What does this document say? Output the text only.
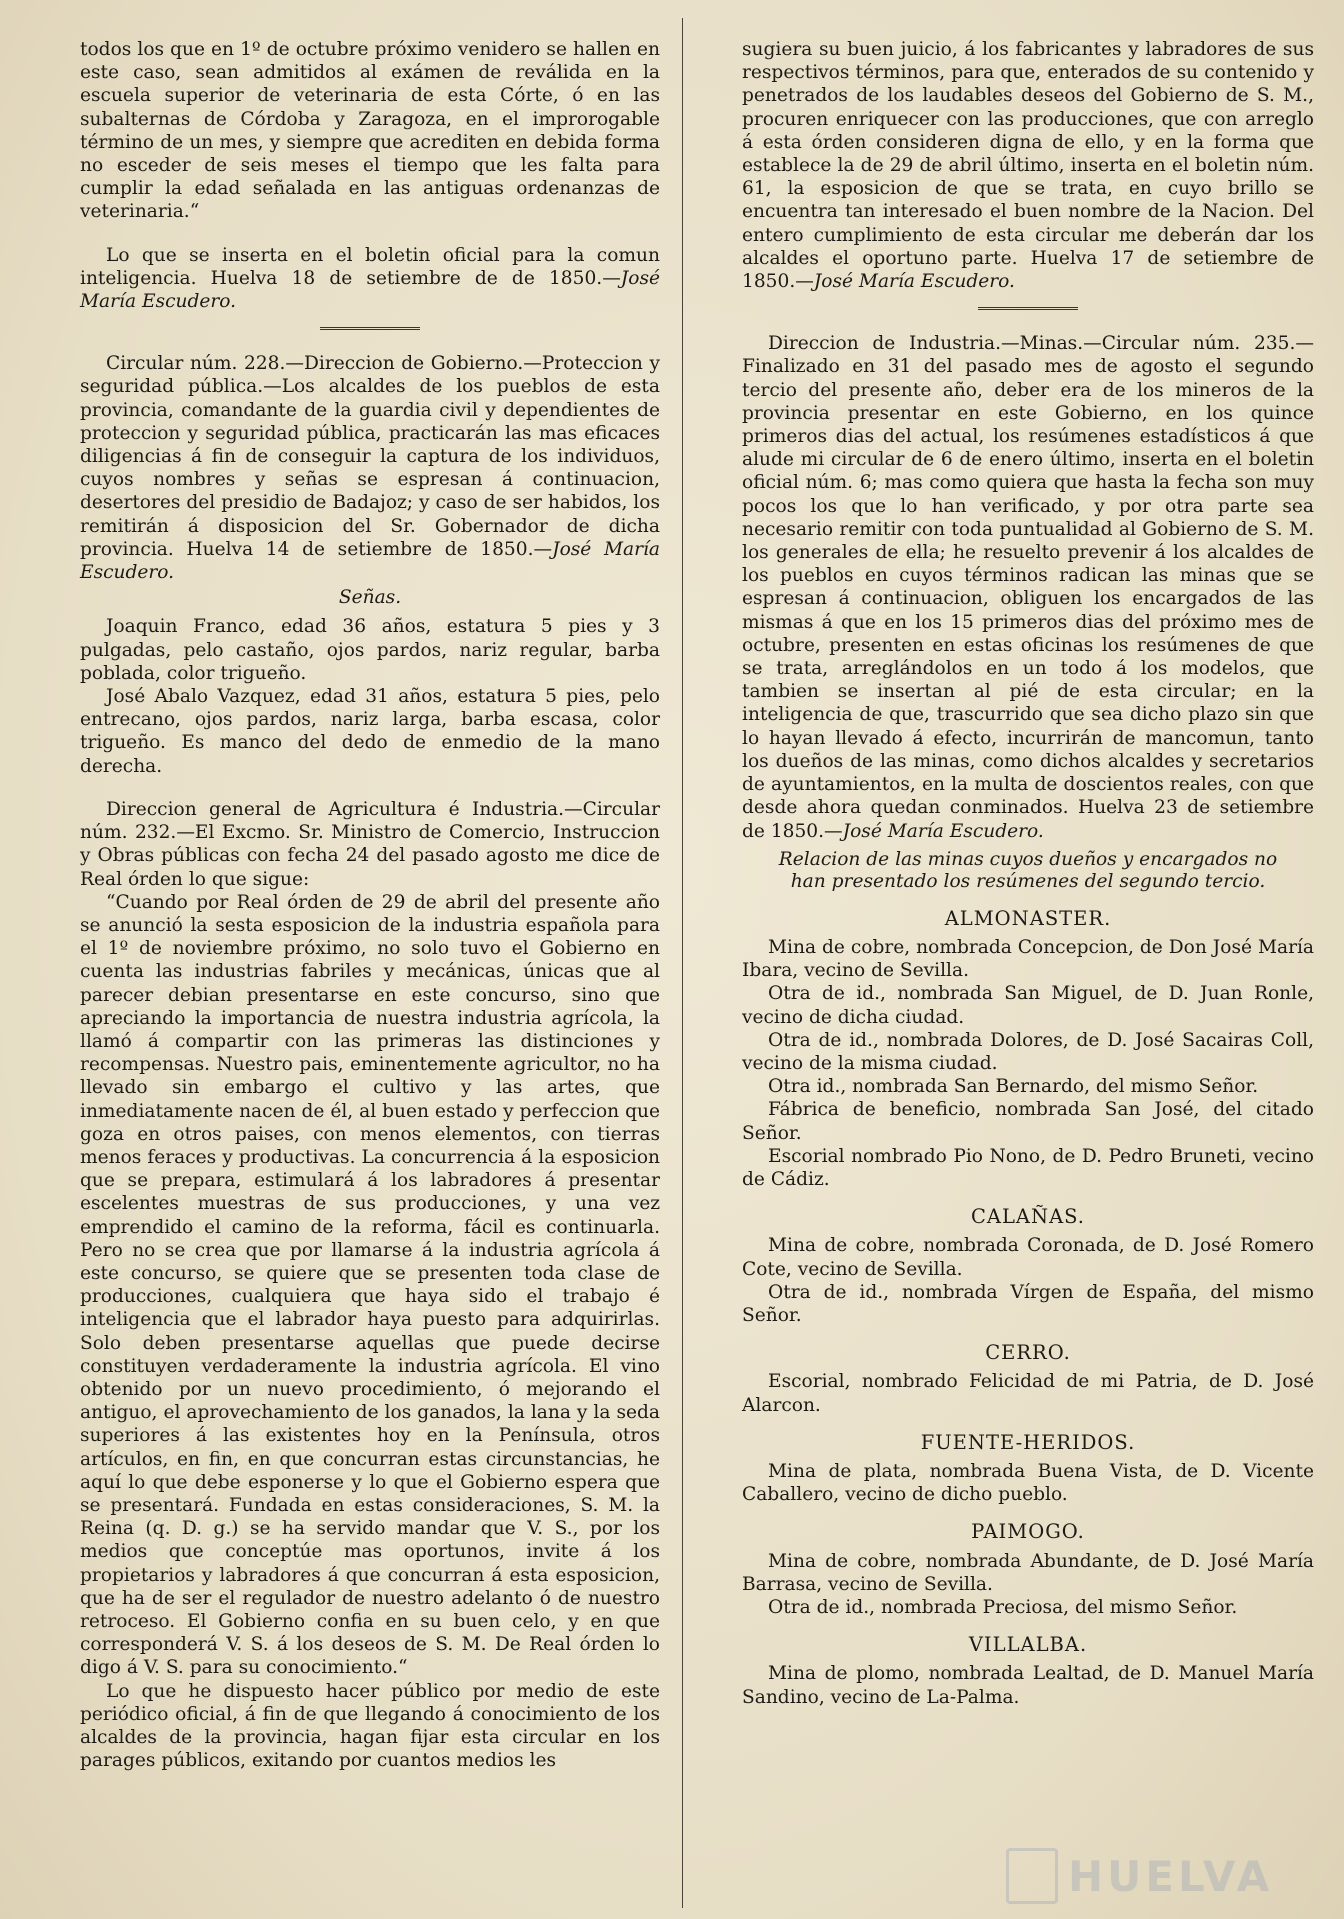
todos los que en 1º de octubre próximo venidero se hallen en este caso, sean admitidos al exámen de reválida en la escuela superior de veterinaria de esta Córte, ó en las subalternas de Córdoba y Zaragoza, en el improrogable término de un mes, y siempre que acrediten en debida forma no esceder de seis meses el tiempo que les falta para cumplir la edad señalada en las antiguas ordenanzas de veterinaria.“

Lo que se inserta en el boletin oficial para la comun inteligencia. Huelva 18 de setiembre de de 1850.—José María Escudero.

Circular núm. 228.—Direccion de Gobierno.—Proteccion y seguridad pública.—Los alcaldes de los pueblos de esta provincia, comandante de la guardia civil y dependientes de proteccion y seguridad pública, practicarán las mas eficaces diligencias á fin de conseguir la captura de los individuos, cuyos nombres y señas se espresan á continuacion, desertores del presidio de Badajoz; y caso de ser habidos, los remitirán á disposicion del Sr. Gobernador de dicha provincia. Huelva 14 de setiembre de 1850.—José María Escudero.

Señas.

Joaquin Franco, edad 36 años, estatura 5 pies y 3 pulgadas, pelo castaño, ojos pardos, nariz regular, barba poblada, color trigueño.

José Abalo Vazquez, edad 31 años, estatura 5 pies, pelo entrecano, ojos pardos, nariz larga, barba escasa, color trigueño. Es manco del dedo de enmedio de la mano derecha.

Direccion general de Agricultura é Industria.—Circular núm. 232.—El Excmo. Sr. Ministro de Comercio, Instruccion y Obras públicas con fecha 24 del pasado agosto me dice de Real órden lo que sigue:

“Cuando por Real órden de 29 de abril del presente año se anunció la sesta esposicion de la industria española para el 1º de noviembre próximo, no solo tuvo el Gobierno en cuenta las industrias fabriles y mecánicas, únicas que al parecer debian presentarse en este concurso, sino que apreciando la importancia de nuestra industria agrícola, la llamó á compartir con las primeras las distinciones y recompensas. Nuestro pais, eminentemente agricultor, no ha llevado sin embargo el cultivo y las artes, que inmediatamente nacen de él, al buen estado y perfeccion que goza en otros paises, con menos elementos, con tierras menos feraces y productivas. La concurrencia á la esposicion que se prepara, estimulará á los labradores á presentar escelentes muestras de sus producciones, y una vez emprendido el camino de la reforma, fácil es continuarla. Pero no se crea que por llamarse á la industria agrícola á este concurso, se quiere que se presenten toda clase de producciones, cualquiera que haya sido el trabajo é inteligencia que el labrador haya puesto para adquirirlas. Solo deben presentarse aquellas que puede decirse constituyen verdaderamente la industria agrícola. El vino obtenido por un nuevo procedimiento, ó mejorando el antiguo, el aprovechamiento de los ganados, la lana y la seda superiores á las existentes hoy en la Península, otros artículos, en fin, en que concurran estas circunstancias, he aquí lo que debe esponerse y lo que el Gobierno espera que se presentará. Fundada en estas consideraciones, S. M. la Reina (q. D. g.) se ha servido mandar que V. S., por los medios que conceptúe mas oportunos, invite á los propietarios y labradores á que concurran á esta esposicion, que ha de ser el regulador de nuestro adelanto ó de nuestro retroceso. El Gobierno confia en su buen celo, y en que corresponderá V. S. á los deseos de S. M. De Real órden lo digo á V. S. para su conocimiento.“

Lo que he dispuesto hacer público por medio de este periódico oficial, á fin de que llegando á conocimiento de los alcaldes de la provincia, hagan fijar esta circular en los parages públicos, exitando por cuantos medios les

sugiera su buen juicio, á los fabricantes y labradores de sus respectivos términos, para que, enterados de su contenido y penetrados de los laudables deseos del Gobierno de S. M., procuren enriquecer con las producciones, que con arreglo á esta órden consideren digna de ello, y en la forma que establece la de 29 de abril último, inserta en el boletin núm. 61, la esposicion de que se trata, en cuyo brillo se encuentra tan interesado el buen nombre de la Nacion. Del entero cumplimiento de esta circular me deberán dar los alcaldes el oportuno parte. Huelva 17 de setiembre de 1850.—José María Escudero.

Direccion de Industria.—Minas.—Circular núm. 235.—Finalizado en 31 del pasado mes de agosto el segundo tercio del presente año, deber era de los mineros de la provincia presentar en este Gobierno, en los quince primeros dias del actual, los resúmenes estadísticos á que alude mi circular de 6 de enero último, inserta en el boletin oficial núm. 6; mas como quiera que hasta la fecha son muy pocos los que lo han verificado, y por otra parte sea necesario remitir con toda puntualidad al Gobierno de S. M. los generales de ella; he resuelto prevenir á los alcaldes de los pueblos en cuyos términos radican las minas que se espresan á continuacion, obliguen los encargados de las mismas á que en los 15 primeros dias del próximo mes de octubre, presenten en estas oficinas los resúmenes de que se trata, arreglándolos en un todo á los modelos, que tambien se insertan al pié de esta circular; en la inteligencia de que, trascurrido que sea dicho plazo sin que lo hayan llevado á efecto, incurrirán de mancomun, tanto los dueños de las minas, como dichos alcaldes y secretarios de ayuntamientos, en la multa de doscientos reales, con que desde ahora quedan conminados. Huelva 23 de setiembre de 1850.—José María Escudero.

Relacion de las minas cuyos dueños y encargados no han presentado los resúmenes del segundo tercio.

ALMONASTER.

Mina de cobre, nombrada Concepcion, de Don José María Ibara, vecino de Sevilla.

Otra de id., nombrada San Miguel, de D. Juan Ronle, vecino de dicha ciudad.

Otra de id., nombrada Dolores, de D. José Sacairas Coll, vecino de la misma ciudad.

Otra id., nombrada San Bernardo, del mismo Señor.

Fábrica de beneficio, nombrada San José, del citado Señor.

Escorial nombrado Pio Nono, de D. Pedro Bruneti, vecino de Cádiz.

CALAÑAS.

Mina de cobre, nombrada Coronada, de D. José Romero Cote, vecino de Sevilla.

Otra de id., nombrada Vírgen de España, del mismo Señor.

CERRO.

Escorial, nombrado Felicidad de mi Patria, de D. José Alarcon.

FUENTE-HERIDOS.

Mina de plata, nombrada Buena Vista, de D. Vicente Caballero, vecino de dicho pueblo.

PAIMOGO.

Mina de cobre, nombrada Abundante, de D. José María Barrasa, vecino de Sevilla.

Otra de id., nombrada Preciosa, del mismo Señor.

VILLALBA.

Mina de plomo, nombrada Lealtad, de D. Manuel María Sandino, vecino de La-Palma.

HUELVA
